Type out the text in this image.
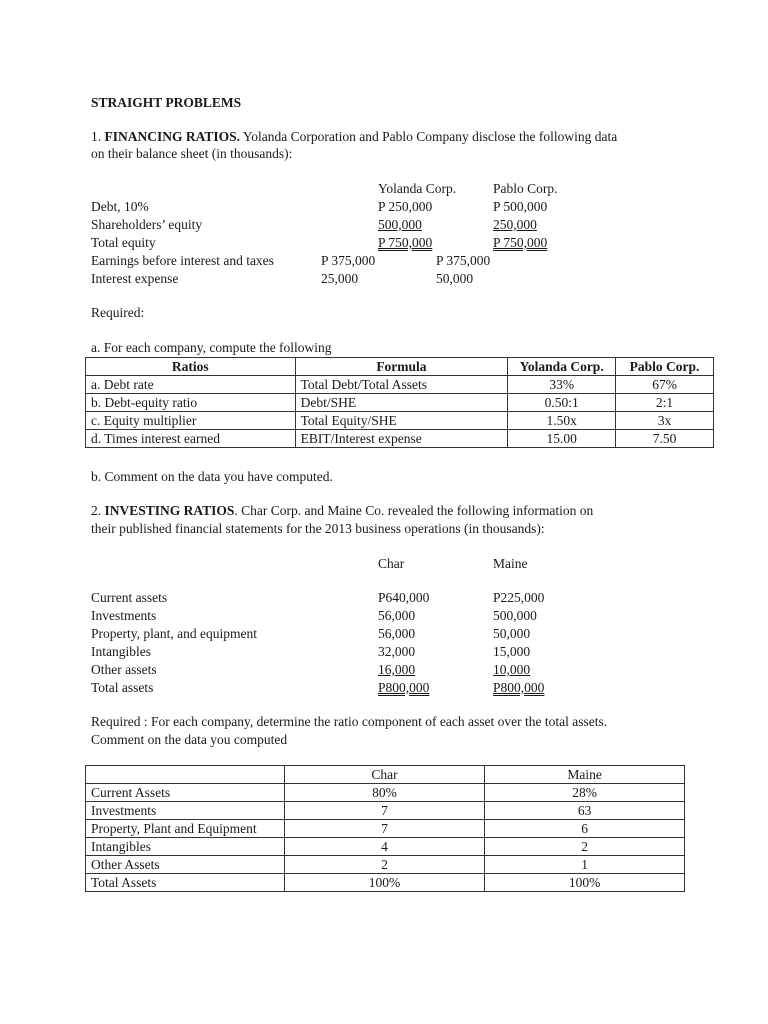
STRAIGHT PROBLEMS
1. FINANCING RATIOS. Yolanda Corporation and Pablo Company disclose the following data
on their balance sheet (in thousands):
Yolanda Corp.	Pablo Corp.
Debt, 10%	P 250,000	P 500,000
Shareholders’ equity	500,000	250,000
Total equity	P 750,000	P 750,000
Earnings before interest and taxes	P 375,000	P 375,000
Interest expense	25,000	50,000
Required:
a. For each company, compute the following
Ratios	Formula	Yolanda Corp.	Pablo Corp.
a. Debt rate	Total Debt/Total Assets	33%	67%
b. Debt-equity ratio	Debt/SHE	0.50:1	2:1
c. Equity multiplier	Total Equity/SHE	1.50x	3x
d. Times interest earned	EBIT/Interest expense	15.00	7.50
b. Comment on the data you have computed.
2. INVESTING RATIOS. Char Corp. and Maine Co. revealed the following information on
their published financial statements for the 2013 business operations (in thousands):
Char	Maine
Current assets	P640,000	P225,000
Investments	56,000	500,000
Property, plant, and equipment	56,000	50,000
Intangibles	32,000	15,000
Other assets	16,000	10,000
Total assets	P800,000	P800,000
Required : For each company, determine the ratio component of each asset over the total assets.
Comment on the data you computed
	Char	Maine
Current Assets	80%	28%
Investments	7	63
Property, Plant and Equipment	7	6
Intangibles	4	2
Other Assets	2	1
Total Assets	100%	100%
